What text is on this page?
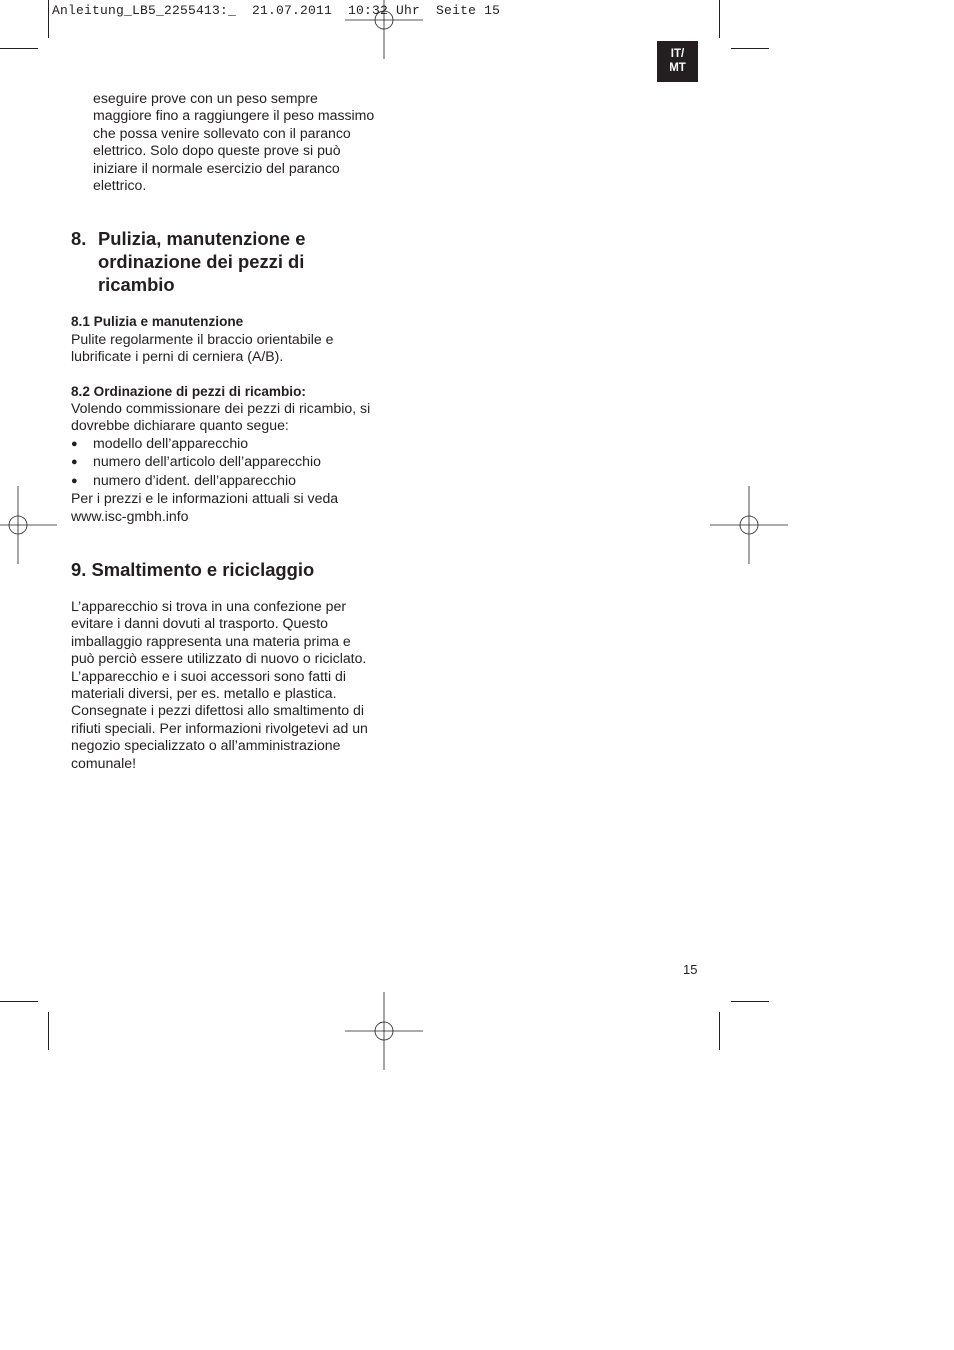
Anleitung_LB5_2255413:_  21.07.2011  10:32 Uhr  Seite 15
IT/
MT

eseguire prove con un peso sempre maggiore fino a raggiungere il peso massimo che possa venire sollevato con il paranco elettrico. Solo dopo queste prove si può iniziare il normale esercizio del paranco elettrico.

8. Pulizia, manutenzione e ordinazione dei pezzi di ricambio
8.1 Pulizia e manutenzione

Pulite regolarmente il braccio orientabile e lubrificate i perni di cerniera (A/B).

8.2 Ordinazione di pezzi di ricambio:

Volendo commissionare dei pezzi di ricambio, si dovrebbe dichiarare quanto segue:

●	modello dell’apparecchio
●	numero dell’articolo dell’apparecchio
●	numero d’ident. dell’apparecchio

Per i prezzi e le informazioni attuali si veda www.isc-gmbh.info

9. Smaltimento e riciclaggio

L’apparecchio si trova in una confezione per evitare i danni dovuti al trasporto. Questo imballaggio rappresenta una materia prima e può perciò essere utilizzato di nuovo o riciclato.

L’apparecchio e i suoi accessori sono fatti di materiali diversi, per es. metallo e plastica. Consegnate i pezzi difettosi allo smaltimento di rifiuti speciali. Per informazioni rivolgetevi ad un negozio specializzato o all’amministrazione comunale!

15
